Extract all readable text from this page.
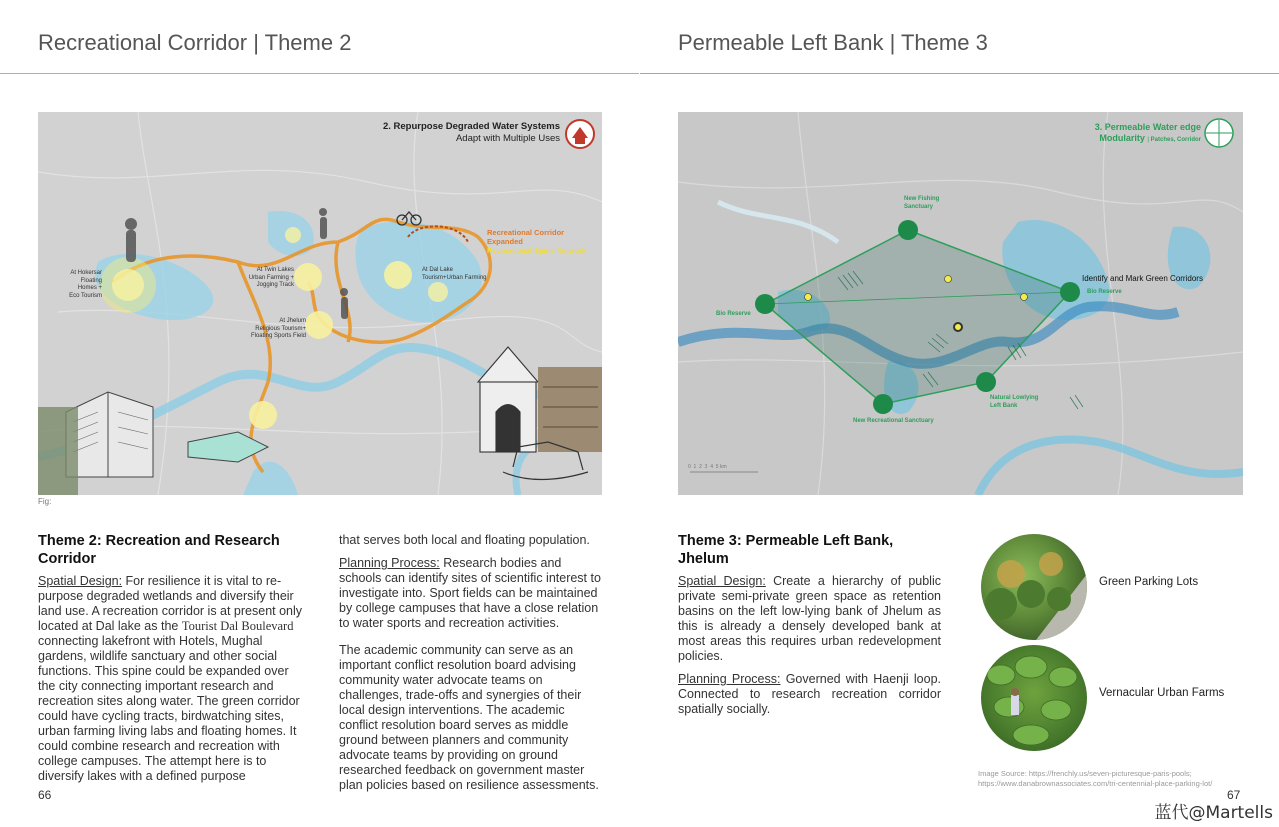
Recreational Corridor | Theme 2	Permeable Left Bank | Theme 3
2. Repurpose Degraded Water Systems
Adapt with Multiple Uses
Recreational Corridor Expanded
Recreational Spine Network
At Hokersar
Floating
Homes +
Eco Tourism
At Twin Lakes
Urban Farming +
Jogging Track
At Dal Lake
Tourism+Urban Farming
At Jhelum
Religious Tourism+
Floating Sports Field
Fig:
3. Permeable Water edge
Modularity | Patches, Corridor
New Fishing
Sanctuary
Bio Reserve
Bio Reserve
Identify and Mark Green Corridors
Natural Lowlying
Left Bank
New Recreational Sanctuary
0  1  2  3  4  5 km
Theme 2: Recreation and Research Corridor

Spatial Design: For resilience it is vital to re-purpose degraded wetlands and diversify their land use. A recreation corridor is at present only located at Dal lake as the Tourist Dal Boulevard connecting lakefront with Hotels, Mughal gardens, wildlife sanctuary and other social functions. This spine could be expanded over the city connecting important research and recreation sites along water. The green corridor could have cycling tracts, birdwatching sites, urban farming living labs and floating homes. It could combine research and recreation with college campuses. The attempt here is to diversify lakes with a defined purpose

that serves both local and floating population.

Planning Process: Research bodies and schools can identify sites of scientific interest to investigate into. Sport fields can be maintained by college campuses that have a close relation to water sports and recreation activities.

The academic community can serve as an important conflict resolution board advising community water advocate teams on challenges, trade-offs and synergies of their local design interventions. The academic conflict resolution board serves as middle ground between planners and community advocate teams by providing on ground researched feedback on government master plan policies based on resilience assessments.

66
Theme 3: Permeable Left Bank, Jhelum

Spatial Design: Create a hierarchy of public private semi-private green space as retention basins on the left low-lying bank of Jhelum as this is already a densely developed bank at most areas this requires urban redevelopment policies.

Planning Process: Governed with Haenji loop. Connected to research recreation corridor spatially socially.

Green Parking Lots
Vernacular Urban Farms
Image Source: https://frenchly.us/seven-picturesque-paris-pools;
https://www.danabrownassociates.com/tri-centennial-place-parking-lot/
67
蓝代@Martells
